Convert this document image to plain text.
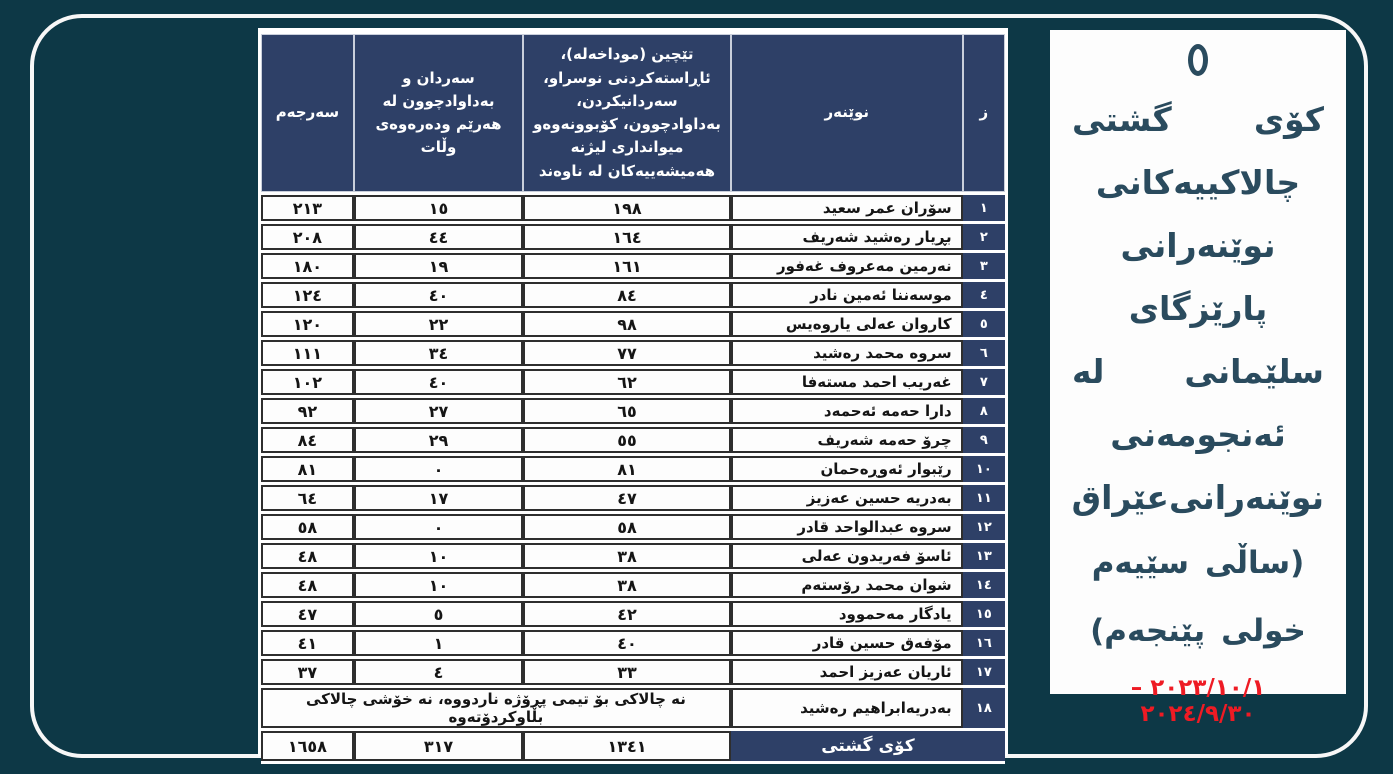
ز	نوێنەر	تێچین (موداخەلە)، ئاڕاستەکردنی نوسراو، سەردانیکردن، بەداوادچوون، کۆبوونەوەو میوانداری لیژنە هەمیشەییەکان لە ناوەند	سەردان و بەداوادچوون لە هەرێم ودەرەوەی وڵات	سەرجەم
١	سۆران عمر سعید	١٩٨	١٥	٢١٣
٢	بڕیار رەشید شەریف	١٦٤	٤٤	٢٠٨
٣	نەرمین مەعروف غەفور	١٦١	١٩	١٨٠
٤	موسەننا ئەمین نادر	٨٤	٤٠	١٢٤
٥	کاروان عەلی یاروەیس	٩٨	٢٢	١٢٠
٦	سروه محمد رەشید	٧٧	٣٤	١١١
٧	غەریب احمد مستەفا	٦٢	٤٠	١٠٢
٨	دارا حەمە ئەحمەد	٦٥	٢٧	٩٢
٩	چرۆ حەمە شەریف	٥٥	٢٩	٨٤
١٠	رێبوار ئەوڕەحمان	٨١	٠	٨١
١١	بەدریه حسین عەزیز	٤٧	١٧	٦٤
١٢	سروه عبدالواحد قادر	٥٨	٠	٥٨
١٣	ئاسۆ فەریدون عەلی	٣٨	١٠	٤٨
١٤	شوان محمد رۆستەم	٣٨	١٠	٤٨
١٥	یادگار مەحموود	٤٢	٥	٤٧
١٦	مۆفەق حسین قادر	٤٠	١	٤١
١٧	ئاریان عەزیز احمد	٣٣	٤	٣٧
١٨	بەدریەابراهیم رەشید	نە چالاکی بۆ تیمی پڕۆژە ناردووە، نە خۆشی چالاکی بڵاوکردۆتەوە		
کۆی گشتی		١٣٤١	٣١٧	١٦٥٨
کۆی
گشتی
چالاکییەکانی
نوێنەرانی
پارێزگای
سلێمانی
لە
ئەنجومەنی
نوێنەرانی
عێراق
(ساڵی
سێیەم
خولی
پێنجەم)
٢٠٢٣/١٠/١ – ٢٠٢٤/٩/٣٠
